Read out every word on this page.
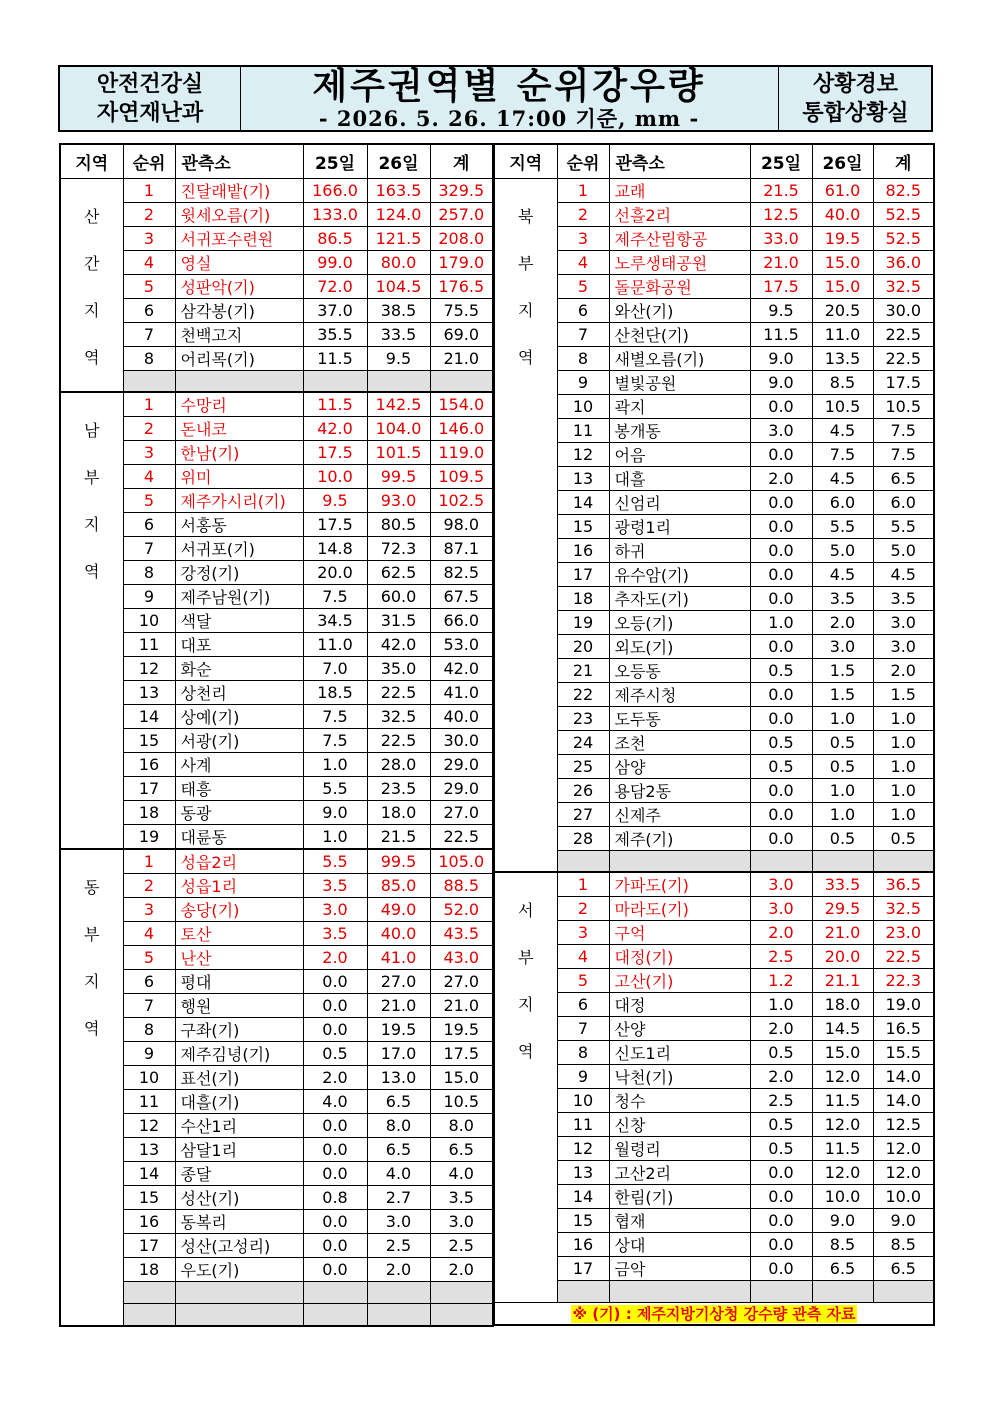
안전건강실
자연재난과
제주권역별 순위강우량
- 2026. 5. 26. 17:00 기준, mm -
상황경보
통합상황실
지역	순위	관측소	25일	26일	계

산
간
지
역	1	진달래밭(기)	166.0	163.5	329.5
	2	윗세오름(기)	133.0	124.0	257.0
	3	서귀포수련원	86.5	121.5	208.0
	4	영실	99.0	80.0	179.0
	5	성판악(기)	72.0	104.5	176.5
	6	삼각봉(기)	37.0	38.5	75.5
	7	천백고지	35.5	33.5	69.0
	8	어리목(기)	11.5	9.5	21.0

남
부
지
역	1	수망리	11.5	142.5	154.0
	2	돈내코	42.0	104.0	146.0
	3	한남(기)	17.5	101.5	119.0
	4	위미	10.0	99.5	109.5
	5	제주가시리(기)	9.5	93.0	102.5
	6	서홍동	17.5	80.5	98.0
	7	서귀포(기)	14.8	72.3	87.1
	8	강정(기)	20.0	62.5	82.5
	9	제주남원(기)	7.5	60.0	67.5
	10	색달	34.5	31.5	66.0
	11	대포	11.0	42.0	53.0
	12	화순	7.0	35.0	42.0
	13	상천리	18.5	22.5	41.0
	14	상예(기)	7.5	32.5	40.0
	15	서광(기)	7.5	22.5	30.0
	16	사계	1.0	28.0	29.0
	17	태흥	5.5	23.5	29.0
	18	동광	9.0	18.0	27.0
	19	대륜동	1.0	21.5	22.5

동
부
지
역	1	성읍2리	5.5	99.5	105.0
	2	성읍1리	3.5	85.0	88.5
	3	송당(기)	3.0	49.0	52.0
	4	토산	3.5	40.0	43.5
	5	난산	2.0	41.0	43.0
	6	평대	0.0	27.0	27.0
	7	행원	0.0	21.0	21.0
	8	구좌(기)	0.0	19.5	19.5
	9	제주김녕(기)	0.5	17.0	17.5
	10	표선(기)	2.0	13.0	15.0
	11	대흘(기)	4.0	6.5	10.5
	12	수산1리	0.0	8.0	8.0
	13	삼달1리	0.0	6.5	6.5
	14	종달	0.0	4.0	4.0
	15	성산(기)	0.8	2.7	3.5
	16	동복리	0.0	3.0	3.0
	17	성산(고성리)	0.0	2.5	2.5
	18	우도(기)	0.0	2.0	2.0

지역	순위	관측소	25일	26일	계

북
부
지
역	1	교래	21.5	61.0	82.5
	2	선흘2리	12.5	40.0	52.5
	3	제주산림항공	33.0	19.5	52.5
	4	노루생태공원	21.0	15.0	36.0
	5	돌문화공원	17.5	15.0	32.5
	6	와산(기)	9.5	20.5	30.0
	7	산천단(기)	11.5	11.0	22.5
	8	새별오름(기)	9.0	13.5	22.5
	9	별빛공원	9.0	8.5	17.5
	10	곽지	0.0	10.5	10.5
	11	봉개동	3.0	4.5	7.5
	12	어음	0.0	7.5	7.5
	13	대흘	2.0	4.5	6.5
	14	신엄리	0.0	6.0	6.0
	15	광령1리	0.0	5.5	5.5
	16	하귀	0.0	5.0	5.0
	17	유수암(기)	0.0	4.5	4.5
	18	추자도(기)	0.0	3.5	3.5
	19	오등(기)	1.0	2.0	3.0
	20	외도(기)	0.0	3.0	3.0
	21	오등동	0.5	1.5	2.0
	22	제주시청	0.0	1.5	1.5
	23	도두동	0.0	1.0	1.0
	24	조천	0.5	0.5	1.0
	25	삼양	0.5	0.5	1.0
	26	용담2동	0.0	1.0	1.0
	27	신제주	0.0	1.0	1.0
	28	제주(기)	0.0	0.5	0.5

서
부
지
역	1	가파도(기)	3.0	33.5	36.5
	2	마라도(기)	3.0	29.5	32.5
	3	구억	2.0	21.0	23.0
	4	대정(기)	2.5	20.0	22.5
	5	고산(기)	1.2	21.1	22.3
	6	대정	1.0	18.0	19.0
	7	산양	2.0	14.5	16.5
	8	신도1리	0.5	15.0	15.5
	9	낙천(기)	2.0	12.0	14.0
	10	청수	2.5	11.5	14.0
	11	신창	0.5	12.0	12.5
	12	월령리	0.5	11.5	12.0
	13	고산2리	0.0	12.0	12.0
	14	한림(기)	0.0	10.0	10.0
	15	협재	0.0	9.0	9.0
	16	상대	0.0	8.5	8.5
	17	금악	0.0	6.5	6.5

※ (기) : 제주지방기상청 강수량 관측 자료					
